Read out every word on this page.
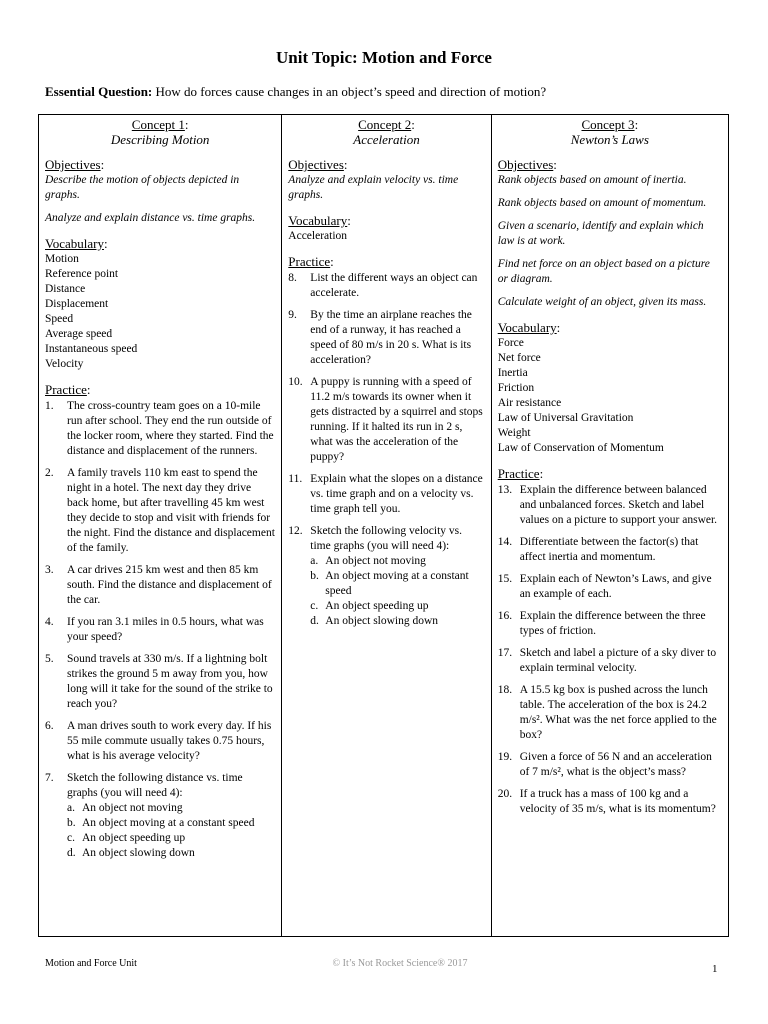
Unit Topic: Motion and Force
Essential Question: How do forces cause changes in an object’s speed and direction of motion?
Concept 1:
Describing Motion
Objectives:
Describe the motion of objects depicted in graphs.
Analyze and explain distance vs. time graphs.
Vocabulary:
Motion
Reference point
Distance
Displacement
Speed
Average speed
Instantaneous speed
Velocity
Practice:
1.	The cross-country team goes on a 10-mile run after school. They end the run outside of the locker room, where they started. Find the distance and displacement of the runners.
2.	A family travels 110 km east to spend the night in a hotel. The next day they drive back home, but after travelling 45 km west they decide to stop and visit with friends for the night. Find the distance and displacement of the family.
3.	A car drives 215 km west and then 85 km south. Find the distance and displacement of the car.
4.	If you ran 3.1 miles in 0.5 hours, what was your speed?
5.	Sound travels at 330 m/s. If a lightning bolt strikes the ground 5 m away from you, how long will it take for the sound of the strike to reach you?
6.	A man drives south to work every day. If his 55 mile commute usually takes 0.75 hours, what is his average velocity?
7.	Sketch the following distance vs. time graphs (you will need 4):
a. An object not moving
b. An object moving at a constant speed
c. An object speeding up
d. An object slowing down
Concept 2:
Acceleration
Objectives:
Analyze and explain velocity vs. time graphs.
Vocabulary:
Acceleration
Practice:
8.	List the different ways an object can accelerate.
9.	By the time an airplane reaches the end of a runway, it has reached a speed of 80 m/s in 20 s. What is its acceleration?
10. A puppy is running with a speed of 11.2 m/s towards its owner when it gets distracted by a squirrel and stops running. If it halted its run in 2 s, what was the acceleration of the puppy?
11. Explain what the slopes on a distance vs. time graph and on a velocity vs. time graph tell you.
12. Sketch the following velocity vs. time graphs (you will need 4):
a. An object not moving
b. An object moving at a constant speed
c. An object speeding up
d. An object slowing down
Concept 3:
Newton’s Laws
Objectives:
Rank objects based on amount of inertia.
Rank objects based on amount of momentum.
Given a scenario, identify and explain which law is at work.
Find net force on an object based on a picture or diagram.
Calculate weight of an object, given its mass.
Vocabulary:
Force
Net force
Inertia
Friction
Air resistance
Law of Universal Gravitation
Weight
Law of Conservation of Momentum
Practice:
13. Explain the difference between balanced and unbalanced forces. Sketch and label values on a picture to support your answer.
14. Differentiate between the factor(s) that affect inertia and momentum.
15. Explain each of Newton’s Laws, and give an example of each.
16. Explain the difference between the three types of friction.
17. Sketch and label a picture of a sky diver to explain terminal velocity.
18. A 15.5 kg box is pushed across the lunch table. The acceleration of the box is 24.2 m/s². What was the net force applied to the box?
19. Given a force of 56 N and an acceleration of 7 m/s², what is the object’s mass?
20. If a truck has a mass of 100 kg and a velocity of 35 m/s, what is its momentum?
Motion and Force Unit	© It’s Not Rocket Science® 2017	1
